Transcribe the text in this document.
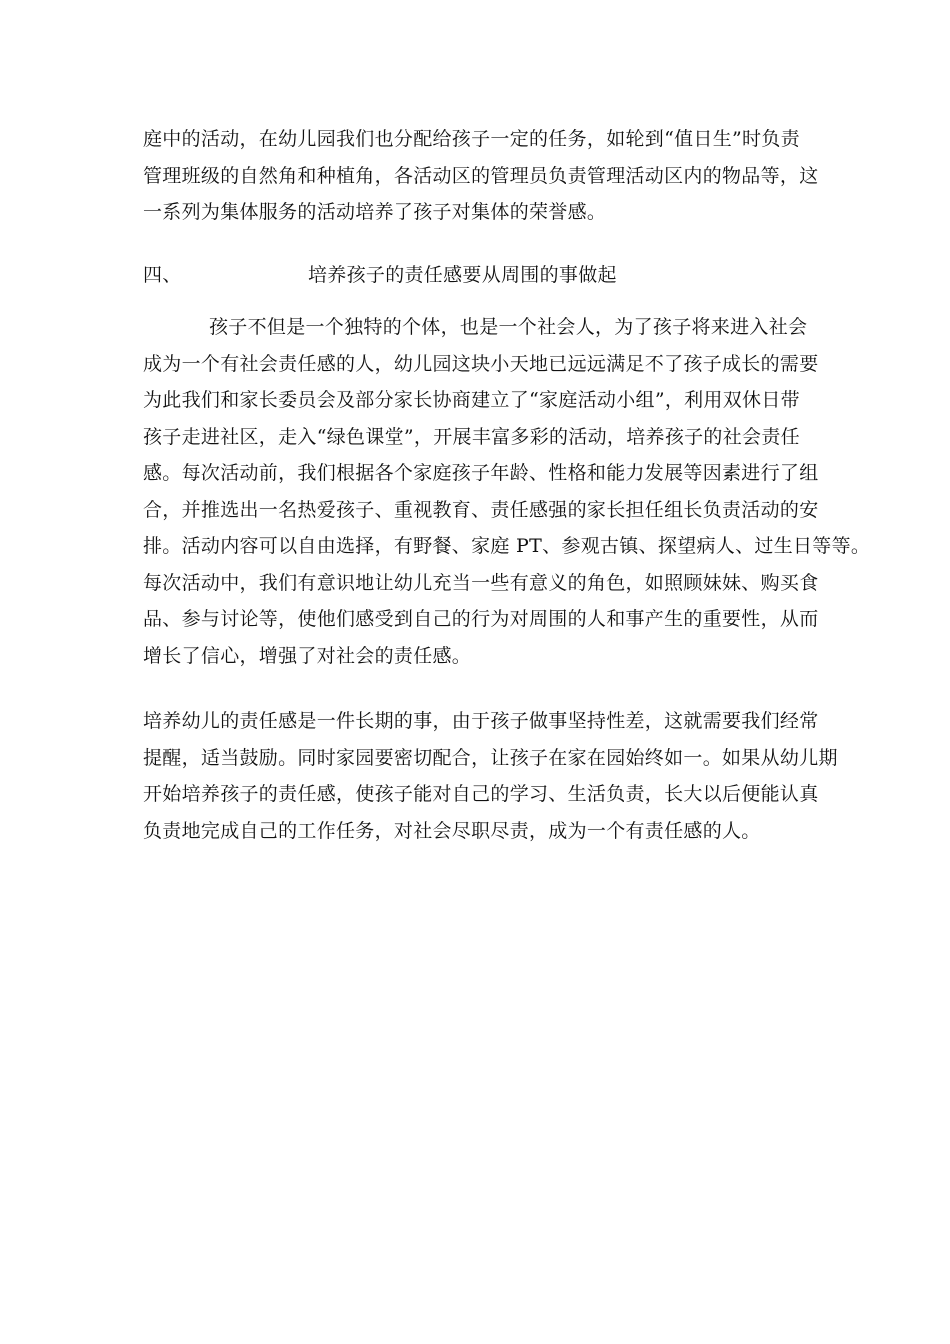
庭中的活动，在幼儿园我们也分配给孩子一定的任务，如轮到“值日生”时负责
管理班级的自然角和种植角，各活动区的管理员负责管理活动区内的物品等，这
一系列为集体服务的活动培养了孩子对集体的荣誉感。
四、	培养孩子的责任感要从周围的事做起
孩子不但是一个独特的个体，也是一个社会人，为了孩子将来进入社会
成为一个有社会责任感的人，幼儿园这块小天地已远远满足不了孩子成长的需要
为此我们和家长委员会及部分家长协商建立了“家庭活动小组”，利用双休日带
孩子走进社区，走入“绿色课堂”，开展丰富多彩的活动，培养孩子的社会责任
感。每次活动前，我们根据各个家庭孩子年龄、性格和能力发展等因素进行了组
合，并推选出一名热爱孩子、重视教育、责任感强的家长担任组长负责活动的安
排。活动内容可以自由选择，有野餐、家庭 PT、参观古镇、探望病人、过生日等等。
每次活动中，我们有意识地让幼儿充当一些有意义的角色，如照顾妹妹、购买食
品、参与讨论等，使他们感受到自己的行为对周围的人和事产生的重要性，从而
增长了信心，增强了对社会的责任感。
培养幼儿的责任感是一件长期的事，由于孩子做事坚持性差，这就需要我们经常
提醒，适当鼓励。同时家园要密切配合，让孩子在家在园始终如一。如果从幼儿期
开始培养孩子的责任感，使孩子能对自己的学习、生活负责，长大以后便能认真
负责地完成自己的工作任务，对社会尽职尽责，成为一个有责任感的人。
